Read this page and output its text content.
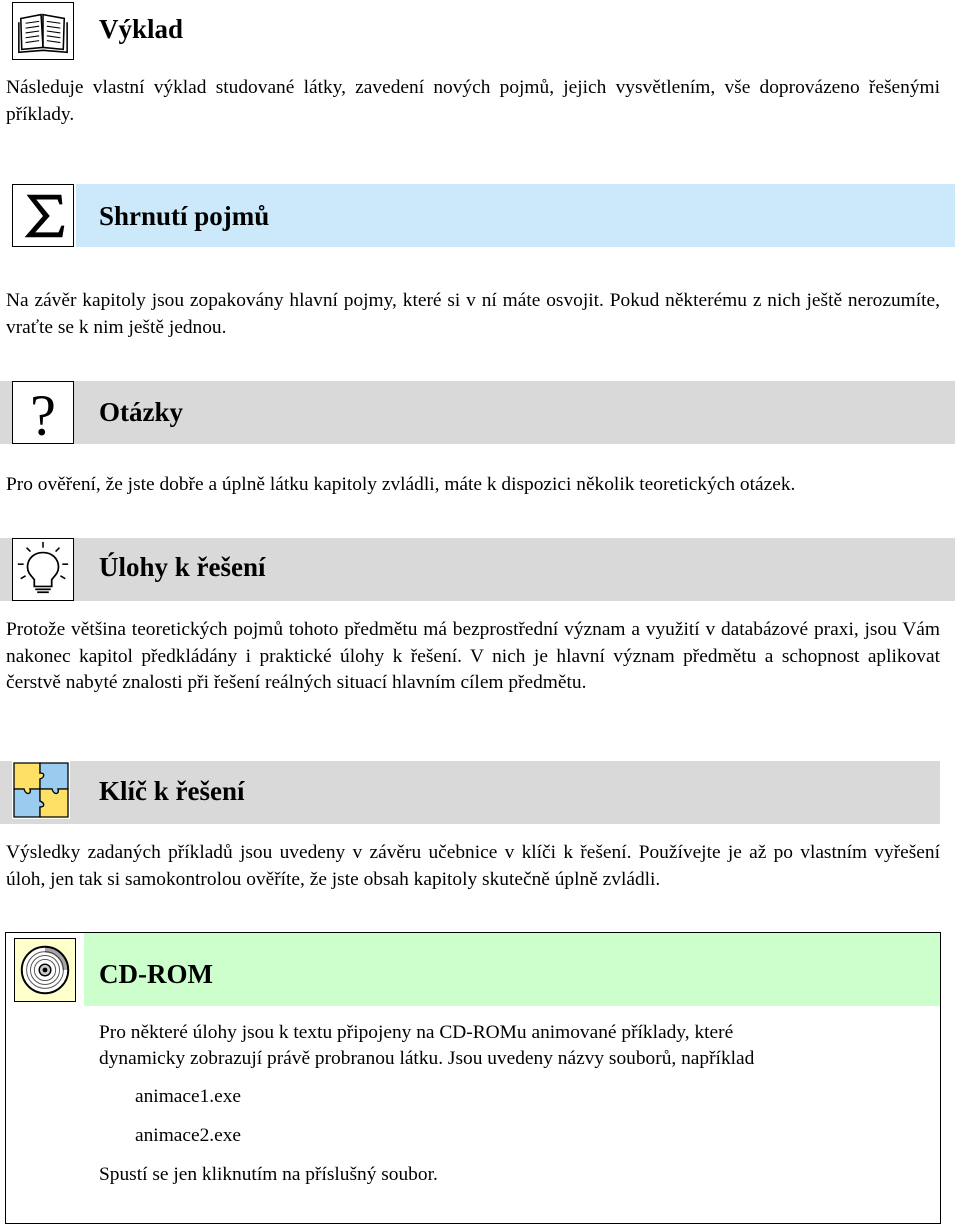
Výklad
Následuje vlastní výklad studované látky, zavedení nových pojmů, jejich vysvětlením, vše doprovázeno řešenými příklady.
Shrnutí pojmů
Na závěr kapitoly jsou zopakovány hlavní pojmy, které si v ní máte osvojit. Pokud některému z nich ještě nerozumíte, vraťte se k nim ještě jednou.
? Otázky
Pro ověření, že jste dobře a úplně látku kapitoly zvládli, máte k dispozici několik teoretických otázek.
Úlohy k řešení
Protože většina teoretických pojmů tohoto předmětu má bezprostřední význam a využití v databázové praxi, jsou Vám nakonec kapitol předkládány i praktické úlohy k řešení. V nich je hlavní význam předmětu a schopnost aplikovat čerstvě nabyté znalosti při řešení reálných situací hlavním cílem předmětu.
Klíč k řešení
Výsledky zadaných příkladů jsou uvedeny v závěru učebnice v klíči k řešení. Používejte je až po vlastním vyřešení úloh, jen tak si samokontrolou ověříte, že jste obsah kapitoly skutečně úplně zvládli.
CD-ROM
Pro některé úlohy jsou k textu připojeny na CD-ROMu animované příklady, které
dynamicky zobrazují právě probranou látku. Jsou uvedeny názvy souborů, například
animace1.exe
animace2.exe
Spustí se jen kliknutím na příslušný soubor.
